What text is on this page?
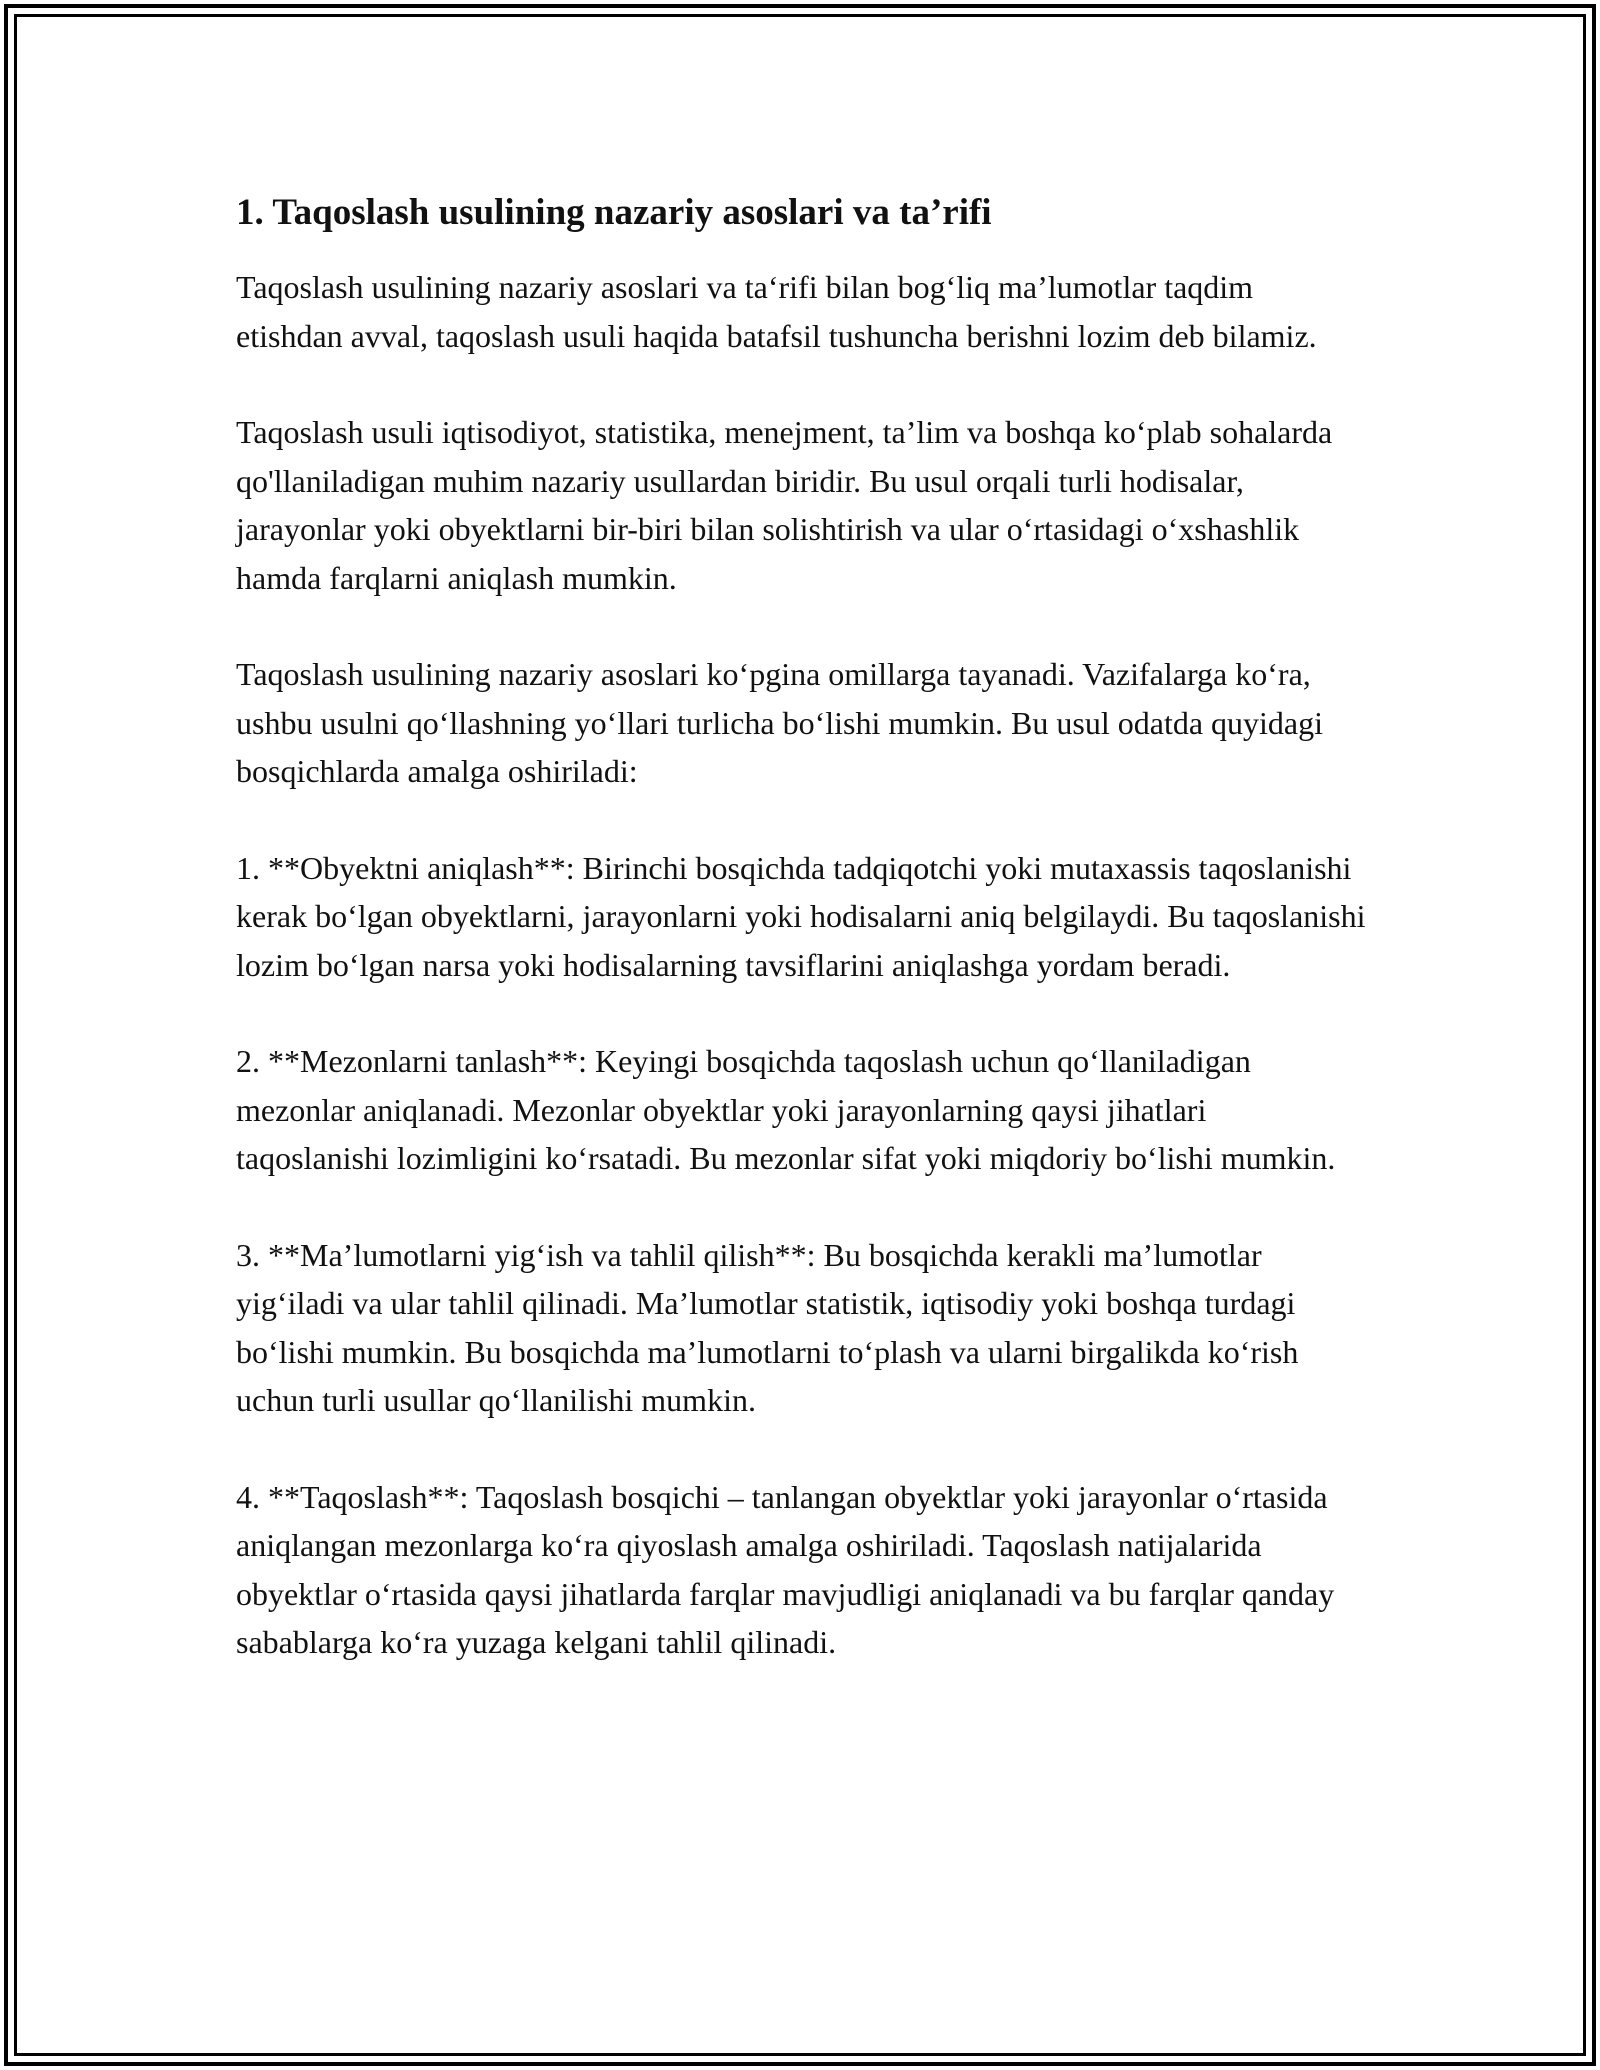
1. Taqoslash usulining nazariy asoslari va ta’rifi

Taqoslash usulining nazariy asoslari va ta‘rifi bilan bog‘liq ma’lumotlar taqdim etishdan avval, taqoslash usuli haqida batafsil tushuncha berishni lozim deb bilamiz.

Taqoslash usuli iqtisodiyot, statistika, menejment, ta’lim va boshqa ko‘plab sohalarda qo'llaniladigan muhim nazariy usullardan biridir. Bu usul orqali turli hodisalar, jarayonlar yoki obyektlarni bir-biri bilan solishtirish va ular o‘rtasidagi o‘xshashlik hamda farqlarni aniqlash mumkin.

Taqoslash usulining nazariy asoslari ko‘pgina omillarga tayanadi. Vazifalarga ko‘ra, ushbu usulni qo‘llashning yo‘llari turlicha bo‘lishi mumkin. Bu usul odatda quyidagi bosqichlarda amalga oshiriladi:

1. **Obyektni aniqlash**: Birinchi bosqichda tadqiqotchi yoki mutaxassis taqoslanishi kerak bo‘lgan obyektlarni, jarayonlarni yoki hodisalarni aniq belgilaydi. Bu taqoslanishi lozim bo‘lgan narsa yoki hodisalarning tavsiflarini aniqlashga yordam beradi.

2. **Mezonlarni tanlash**: Keyingi bosqichda taqoslash uchun qo‘llaniladigan mezonlar aniqlanadi. Mezonlar obyektlar yoki jarayonlarning qaysi jihatlari taqoslanishi lozimligini ko‘rsatadi. Bu mezonlar sifat yoki miqdoriy bo‘lishi mumkin.

3. **Ma’lumotlarni yig‘ish va tahlil qilish**: Bu bosqichda kerakli ma’lumotlar yig‘iladi va ular tahlil qilinadi. Ma’lumotlar statistik, iqtisodiy yoki boshqa turdagi bo‘lishi mumkin. Bu bosqichda ma’lumotlarni to‘plash va ularni birgalikda ko‘rish uchun turli usullar qo‘llanilishi mumkin.

4. **Taqoslash**: Taqoslash bosqichi – tanlangan obyektlar yoki jarayonlar o‘rtasida aniqlangan mezonlarga ko‘ra qiyoslash amalga oshiriladi. Taqoslash natijalarida obyektlar o‘rtasida qaysi jihatlarda farqlar mavjudligi aniqlanadi va bu farqlar qanday sabablarga ko‘ra yuzaga kelgani tahlil qilinadi.
